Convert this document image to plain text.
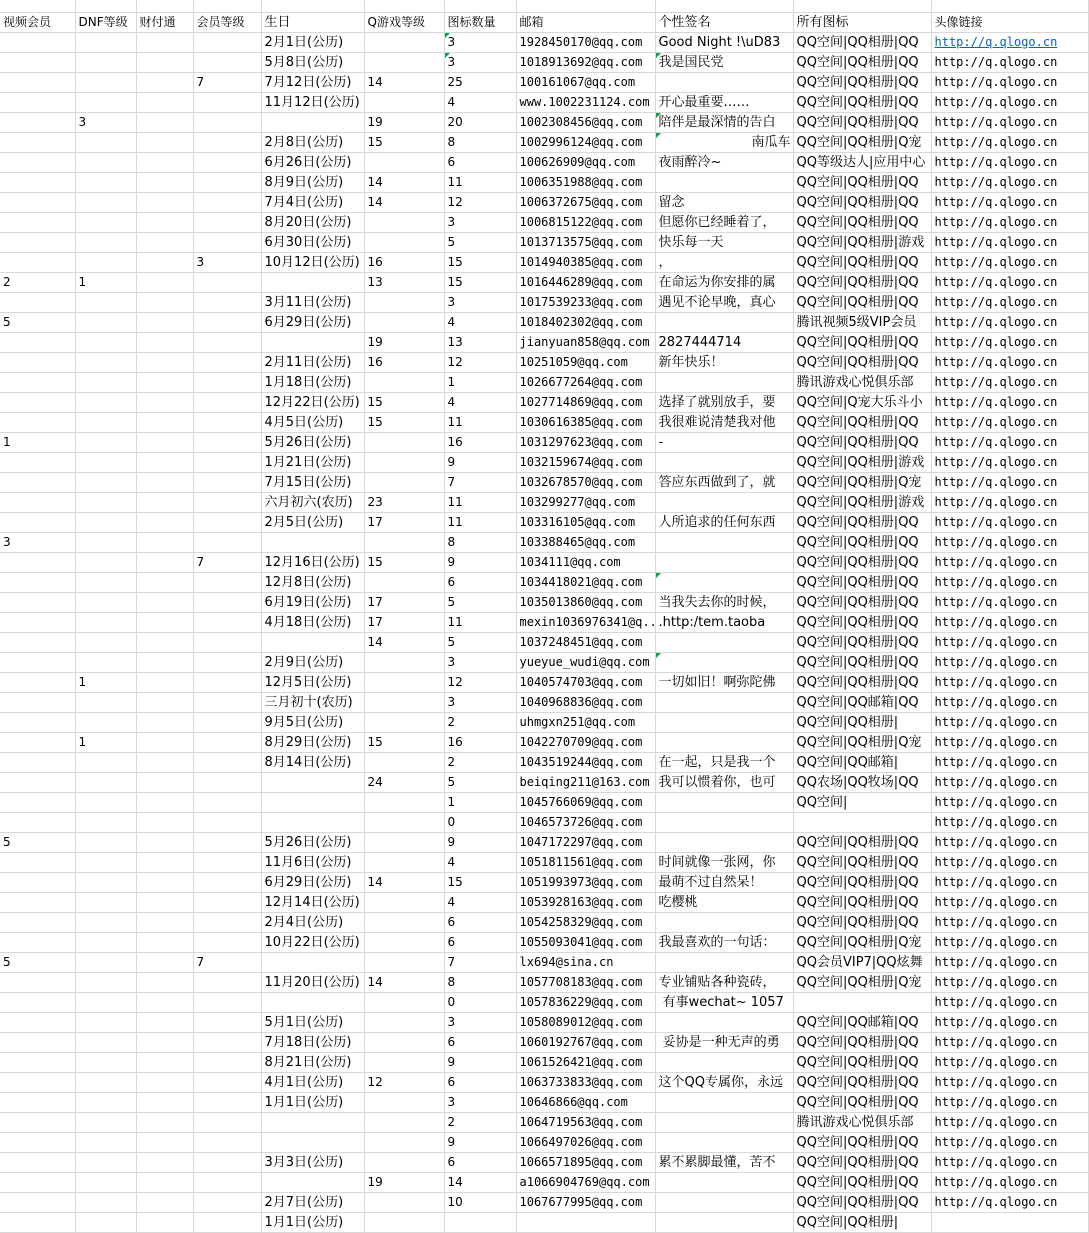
视频会员	DNF等级	财付通	会员等级	生日	Q游戏等级	图标数量	邮箱	个性签名	所有图标	头像链接
				2月1日(公历)		3	1928450170@qq.com	Good Night !\uD83	QQ空间|QQ相册|QQ	http://q.qlogo.cn
				5月8日(公历)		3	1018913692@qq.com	我是国民党	QQ空间|QQ相册|QQ	http://q.qlogo.cn
			7	7月12日(公历)	14	25	100161067@qq.com		QQ空间|QQ相册|QQ	http://q.qlogo.cn
				11月12日(公历)		4	www.1002231124.com	开心最重要……	QQ空间|QQ相册|QQ	http://q.qlogo.cn
	3				19	20	1002308456@qq.com	陪伴是最深情的告白	QQ空间|QQ相册|QQ	http://q.qlogo.cn
				2月8日(公历)	15	8	1002996124@qq.com	南瓜车	QQ空间|QQ相册|Q宠	http://q.qlogo.cn
				6月26日(公历)		6	100626909@qq.com	夜雨醉冷~	QQ等级达人|应用中心	http://q.qlogo.cn
				8月9日(公历)	14	11	1006351988@qq.com		QQ空间|QQ相册|QQ	http://q.qlogo.cn
				7月4日(公历)	14	12	1006372675@qq.com	留念	QQ空间|QQ相册|QQ	http://q.qlogo.cn
				8月20日(公历)		3	1006815122@qq.com	但愿你已经睡着了，	QQ空间|QQ相册|QQ	http://q.qlogo.cn
				6月30日(公历)		5	1013713575@qq.com	快乐每一天	QQ空间|QQ相册|游戏	http://q.qlogo.cn
			3	10月12日(公历)	16	15	1014940385@qq.com	，	QQ空间|QQ相册|QQ	http://q.qlogo.cn
2	1				13	15	1016446289@qq.com	在命运为你安排的属	QQ空间|QQ相册|QQ	http://q.qlogo.cn
				3月11日(公历)		3	1017539233@qq.com	遇见不论早晚，真心	QQ空间|QQ相册|QQ	http://q.qlogo.cn
5				6月29日(公历)		4	1018402302@qq.com		腾讯视频5级VIP会员	http://q.qlogo.cn
					19	13	jianyuan858@qq.com	2827444714	QQ空间|QQ相册|QQ	http://q.qlogo.cn
				2月11日(公历)	16	12	10251059@qq.com	新年快乐！	QQ空间|QQ相册|QQ	http://q.qlogo.cn
				1月18日(公历)		1	1026677264@qq.com		腾讯游戏心悦俱乐部	http://q.qlogo.cn
				12月22日(公历)	15	4	1027714869@qq.com	选择了就别放手，要	QQ空间|Q宠大乐斗小	http://q.qlogo.cn
				4月5日(公历)	15	11	1030616385@qq.com	我很难说清楚我对他	QQ空间|QQ相册|QQ	http://q.qlogo.cn
1				5月26日(公历)		16	1031297623@qq.com	-	QQ空间|QQ相册|QQ	http://q.qlogo.cn
				1月21日(公历)		9	1032159674@qq.com		QQ空间|QQ相册|游戏	http://q.qlogo.cn
				7月15日(公历)		7	1032678570@qq.com	答应东西做到了，就	QQ空间|QQ相册|Q宠	http://q.qlogo.cn
				六月初六(农历)	23	11	103299277@qq.com		QQ空间|QQ相册|游戏	http://q.qlogo.cn
				2月5日(公历)	17	11	103316105@qq.com	人所追求的任何东西	QQ空间|QQ相册|QQ	http://q.qlogo.cn
3						8	103388465@qq.com		QQ空间|QQ相册|QQ	http://q.qlogo.cn
			7	12月16日(公历)	15	9	1034111@qq.com		QQ空间|QQ相册|QQ	http://q.qlogo.cn
				12月8日(公历)		6	1034418021@qq.com		QQ空间|QQ相册|QQ	http://q.qlogo.cn
				6月19日(公历)	17	5	1035013860@qq.com	当我失去你的时候，	QQ空间|QQ相册|QQ	http://q.qlogo.cn
				4月18日(公历)	17	11	mexin1036976341@q..	.http:/tem.taoba	QQ空间|QQ相册|QQ	http://q.qlogo.cn
					14	5	1037248451@qq.com		QQ空间|QQ相册|QQ	http://q.qlogo.cn
				2月9日(公历)		3	yueyue_wudi@qq.com		QQ空间|QQ相册|QQ	http://q.qlogo.cn
	1			12月5日(公历)		12	1040574703@qq.com	一切如旧！啊弥陀佛	QQ空间|QQ相册|QQ	http://q.qlogo.cn
				三月初十(农历)		3	1040968836@qq.com		QQ空间|QQ邮箱|QQ	http://q.qlogo.cn
				9月5日(公历)		2	uhmgxn251@qq.com		QQ空间|QQ相册|	http://q.qlogo.cn
	1			8月29日(公历)	15	16	1042270709@qq.com		QQ空间|QQ相册|Q宠	http://q.qlogo.cn
				8月14日(公历)		2	1043519244@qq.com	在一起，只是我一个	QQ空间|QQ邮箱|	http://q.qlogo.cn
					24	5	beiqing211@163.com	我可以惯着你，也可	QQ农场|QQ牧场|QQ	http://q.qlogo.cn
						1	1045766069@qq.com		QQ空间|	http://q.qlogo.cn
						0	1046573726@qq.com			http://q.qlogo.cn
5				5月26日(公历)		9	1047172297@qq.com		QQ空间|QQ相册|QQ	http://q.qlogo.cn
				11月6日(公历)		4	1051811561@qq.com	时间就像一张网，你	QQ空间|QQ相册|QQ	http://q.qlogo.cn
				6月29日(公历)	14	15	1051993973@qq.com	最萌不过自然呆！	QQ空间|QQ相册|QQ	http://q.qlogo.cn
				12月14日(公历)		4	1053928163@qq.com	吃樱桃	QQ空间|QQ相册|QQ	http://q.qlogo.cn
				2月4日(公历)		6	1054258329@qq.com		QQ空间|QQ相册|QQ	http://q.qlogo.cn
				10月22日(公历)		6	1055093041@qq.com	我最喜欢的一句话：	QQ空间|QQ相册|Q宠	http://q.qlogo.cn
5			7			7	lx694@sina.cn		QQ会员VIP7|QQ炫舞	http://q.qlogo.cn
				11月20日(公历)	14	8	1057708183@qq.com	专业铺贴各种瓷砖，	QQ空间|QQ相册|Q宠	http://q.qlogo.cn
						0	1057836229@qq.com	有事wechat~ 1057		http://q.qlogo.cn
				5月1日(公历)		3	1058089012@qq.com		QQ空间|QQ邮箱|QQ	http://q.qlogo.cn
				7月18日(公历)		6	1060192767@qq.com	妥协是一种无声的勇	QQ空间|QQ相册|QQ	http://q.qlogo.cn
				8月21日(公历)		9	1061526421@qq.com		QQ空间|QQ相册|QQ	http://q.qlogo.cn
				4月1日(公历)	12	6	1063733833@qq.com	这个QQ专属你，永远	QQ空间|QQ相册|QQ	http://q.qlogo.cn
				1月1日(公历)		3	10646866@qq.com		QQ空间|QQ相册|QQ	http://q.qlogo.cn
						2	1064719563@qq.com		腾讯游戏心悦俱乐部	http://q.qlogo.cn
						9	1066497026@qq.com		QQ空间|QQ相册|QQ	http://q.qlogo.cn
				3月3日(公历)		6	1066571895@qq.com	累不累脚最懂，苦不	QQ空间|QQ相册|QQ	http://q.qlogo.cn
					19	14	a1066904769@qq.com		QQ空间|QQ相册|QQ	http://q.qlogo.cn
				2月7日(公历)		10	1067677995@qq.com		QQ空间|QQ相册|QQ	http://q.qlogo.cn
				1月1日(公历)					QQ空间|QQ相册|	
